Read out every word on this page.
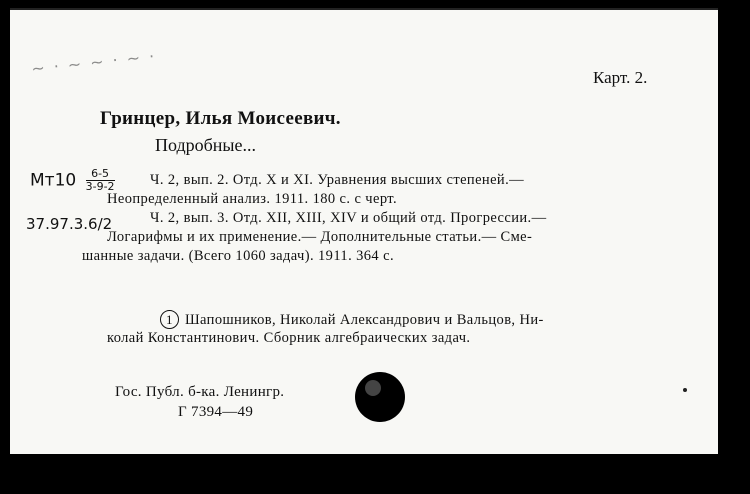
~ · ~ ~ · ~ ·	Карт. 2.
Гринцер, Илья Моисеевич.
Подробные...
$Мт10 \frac{6-5}{3-9-2}$
37.97.3.6/2
Ч. 2, вып. 2. Отд. X и XI. Уравнения высших степеней.—
Неопределенный анализ. 1911. 180 с. с черт.
Ч. 2, вып. 3. Отд. XII, XIII, XIV и общий отд. Прогрессии.—
Логарифмы и их применение.— Дополнительные статьи.— Сме-
шанные задачи. (Всего 1060 задач). 1911. 364 с.
1 Шапошников, Николай Александрович и Вальцов, Ни-
колай Константинович. Сборник алгебраических задач.
Гос. Публ. б-ка. Ленингр.
Г 7394—49
